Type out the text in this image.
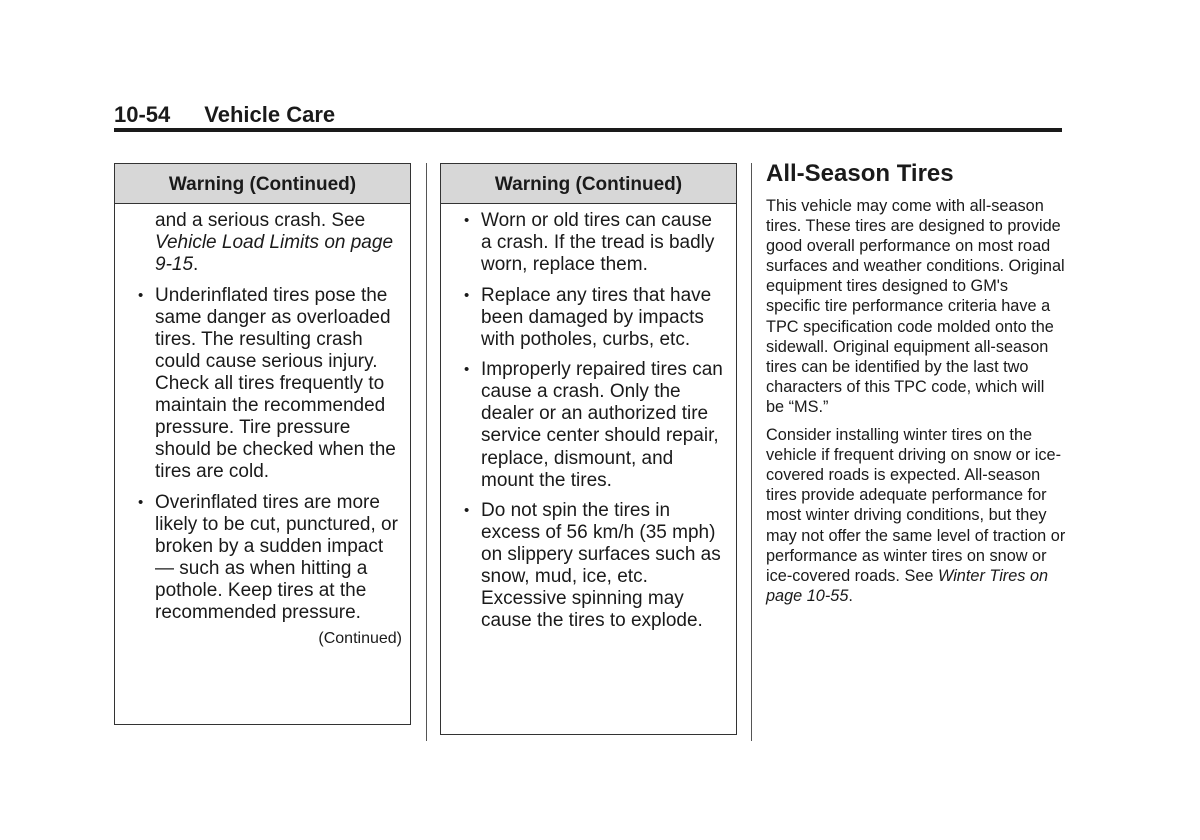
10-54 Vehicle Care
Warning (Continued)

and a serious crash. See
Vehicle Load Limits on page 9-15.

• Underinflated tires pose the same danger as overloaded tires. The resulting crash could cause serious injury. Check all tires frequently to maintain the recommended pressure. Tire pressure should be checked when the tires are cold.
• Overinflated tires are more likely to be cut, punctured, or broken by a sudden impact — such as when hitting a pothole. Keep tires at the recommended pressure.
(Continued)
Warning (Continued)
• Worn or old tires can cause a crash. If the tread is badly worn, replace them.
• Replace any tires that have been damaged by impacts with potholes, curbs, etc.
• Improperly repaired tires can cause a crash. Only the dealer or an authorized tire service center should repair, replace, dismount, and mount the tires.
• Do not spin the tires in excess of 56 km/h (35 mph) on slippery surfaces such as snow, mud, ice, etc. Excessive spinning may cause the tires to explode.
All-Season Tires

This vehicle may come with all-season tires. These tires are designed to provide good overall performance on most road surfaces and weather conditions. Original equipment tires designed to GM's specific tire performance criteria have a TPC specification code molded onto the sidewall. Original equipment all-season tires can be identified by the last two characters of this TPC code, which will be “MS.”

Consider installing winter tires on the vehicle if frequent driving on snow or ice-covered roads is expected. All-season tires provide adequate performance for most winter driving conditions, but they may not offer the same level of traction or performance as winter tires on snow or ice-covered roads. See Winter Tires on page 10-55.
